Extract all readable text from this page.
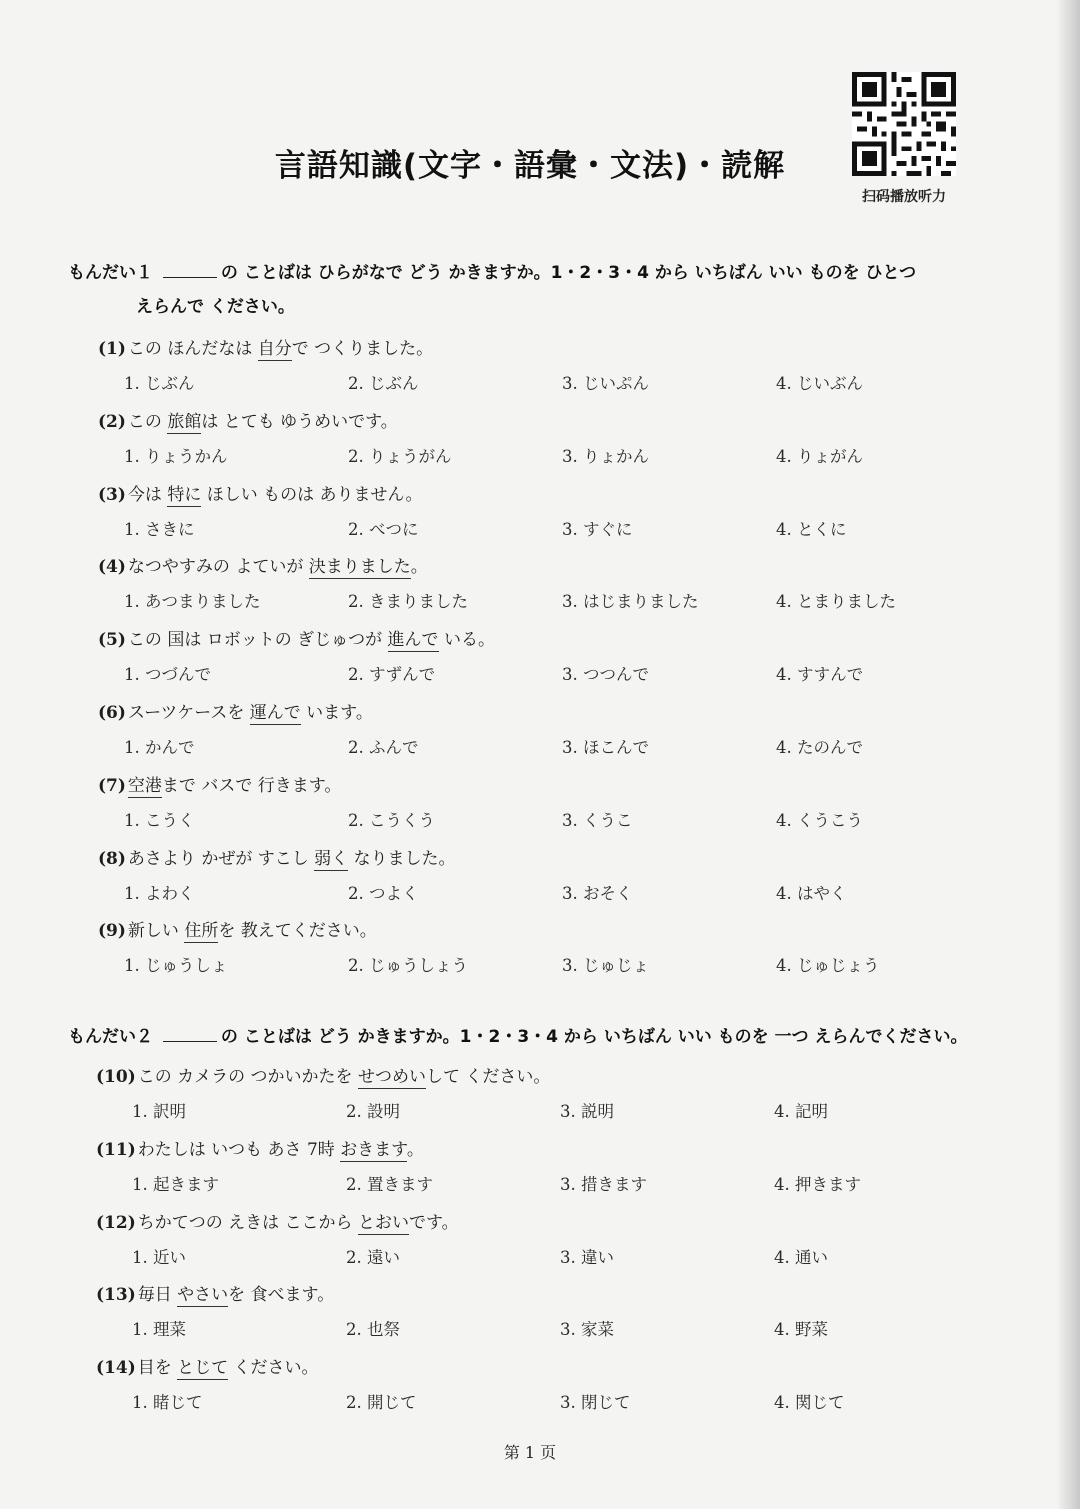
言語知識(文字・語彙・文法)・読解
扫码播放听力
もんだい１	の ことばは ひらがなで どう かきますか。1・2・3・4 から いちばん いい ものを ひとつ
えらんで ください。
(1) この ほんだなは 自分で つくりました。
1. じぶん	2. じぶん	3. じいぷん	4. じいぶん
(2) この 旅館は とても ゆうめいです。
1. りょうかん	2. りょうがん	3. りょかん	4. りょがん
(3) 今は 特に ほしい ものは ありません。
1. さきに	2. べつに	3. すぐに	4. とくに
(4) なつやすみの よていが 決まりました。
1. あつまりました	2. きまりました	3. はじまりました	4. とまりました
(5) この 国は ロボットの ぎじゅつが 進んで いる。
1. つづんで	2. すずんで	3. つつんで	4. すすんで
(6) スーツケースを 運んで います。
1. かんで	2. ふんで	3. ほこんで	4. たのんで
(7) 空港まで バスで 行きます。
1. こうく	2. こうくう	3. くうこ	4. くうこう
(8) あさより かぜが すこし 弱く なりました。
1. よわく	2. つよく	3. おそく	4. はやく
(9) 新しい 住所を 教えてください。
1. じゅうしょ	2. じゅうしょう	3. じゅじょ	4. じゅじょう
もんだい２	の ことばは どう かきますか。1・2・3・4 から いちばん いい ものを 一つ えらんでください。
(10) この カメラの つかいかたを せつめいして ください。
1. 訳明	2. 設明	3. 説明	4. 記明
(11) わたしは いつも あさ 7時 おきます。
1. 起きます	2. 置きます	3. 措きます	4. 押きます
(12) ちかてつの えきは ここから とおいです。
1. 近い	2. 遠い	3. 違い	4. 通い
(13) 毎日 やさいを 食べます。
1. 理菜	2. 也祭	3. 家菜	4. 野菜
(14) 目を とじて ください。
1. 睹じて	2. 開じて	3. 閉じて	4. 関じて
第 1 页
